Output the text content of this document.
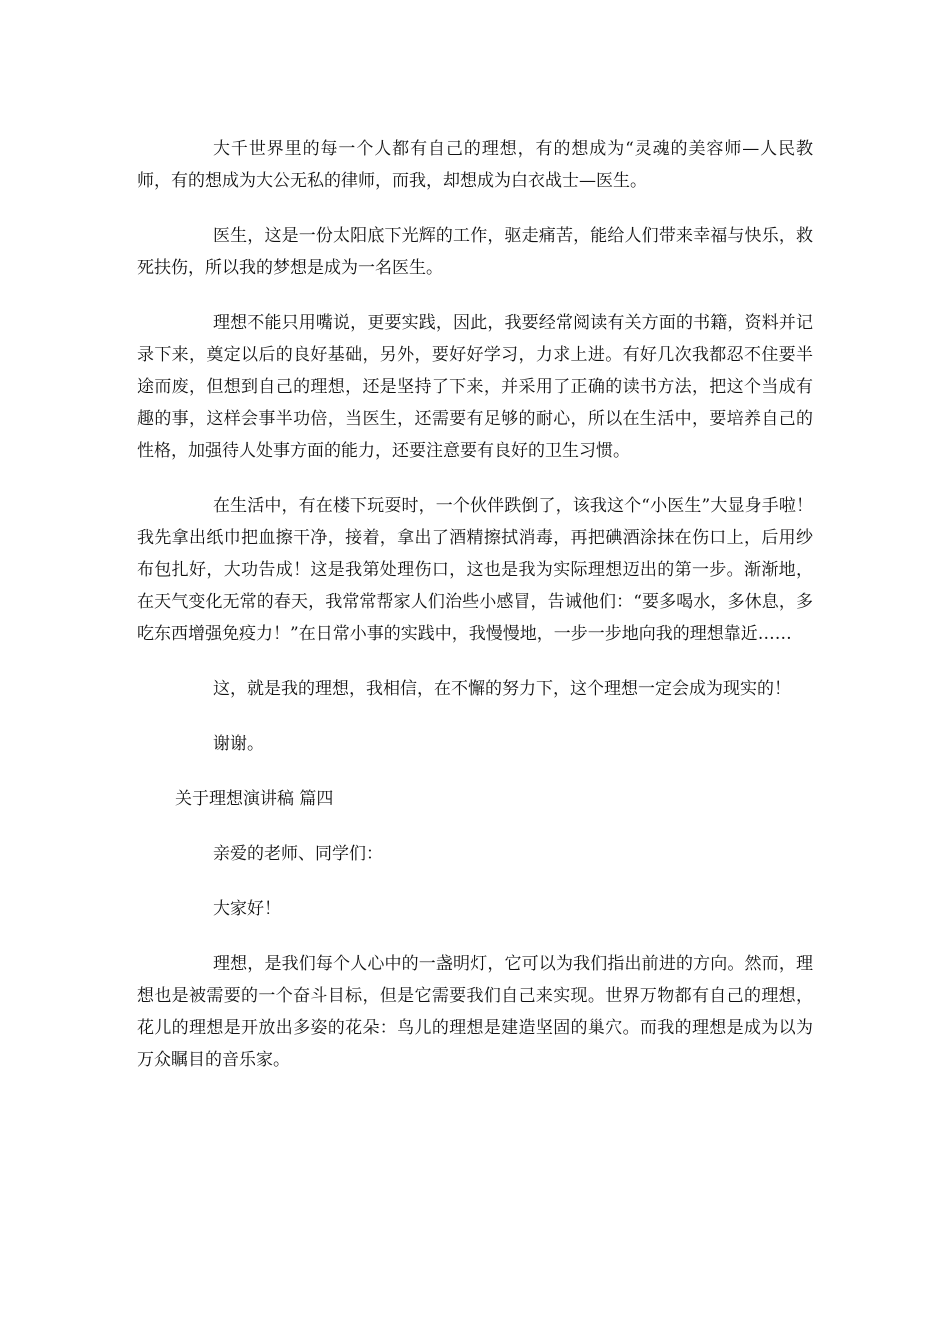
大千世界里的每一个人都有自己的理想，有的想成为“灵魂的美容师—人民教师，有的想成为大公无私的律师，而我，却想成为白衣战士—医生。

医生，这是一份太阳底下光辉的工作，驱走痛苦，能给人们带来幸福与快乐，救死扶伤，所以我的梦想是成为一名医生。

理想不能只用嘴说，更要实践，因此，我要经常阅读有关方面的书籍，资料并记录下来，奠定以后的良好基础，另外，要好好学习，力求上进。有好几次我都忍不住要半途而废，但想到自己的理想，还是坚持了下来，并采用了正确的读书方法，把这个当成有趣的事，这样会事半功倍，当医生，还需要有足够的耐心，所以在生活中，要培养自己的性格，加强待人处事方面的能力，还要注意要有良好的卫生习惯。

在生活中，有在楼下玩耍时，一个伙伴跌倒了，该我这个“小医生”大显身手啦！我先拿出纸巾把血擦干净，接着，拿出了酒精擦拭消毒，再把碘酒涂抹在伤口上，后用纱布包扎好，大功告成！这是我第处理伤口，这也是我为实际理想迈出的第一步。渐渐地，在天气变化无常的春天，我常常帮家人们治些小感冒，告诫他们：“要多喝水，多休息，多吃东西增强免疫力！”在日常小事的实践中，我慢慢地，一步一步地向我的理想靠近……

这，就是我的理想，我相信，在不懈的努力下，这个理想一定会成为现实的！

谢谢。

关于理想演讲稿 篇四

亲爱的老师、同学们：

大家好！

理想，是我们每个人心中的一盏明灯，它可以为我们指出前进的方向。然而，理想也是被需要的一个奋斗目标，但是它需要我们自己来实现。世界万物都有自己的理想，花儿的理想是开放出多姿的花朵：鸟儿的理想是建造坚固的巢穴。而我的理想是成为以为万众瞩目的音乐家。
